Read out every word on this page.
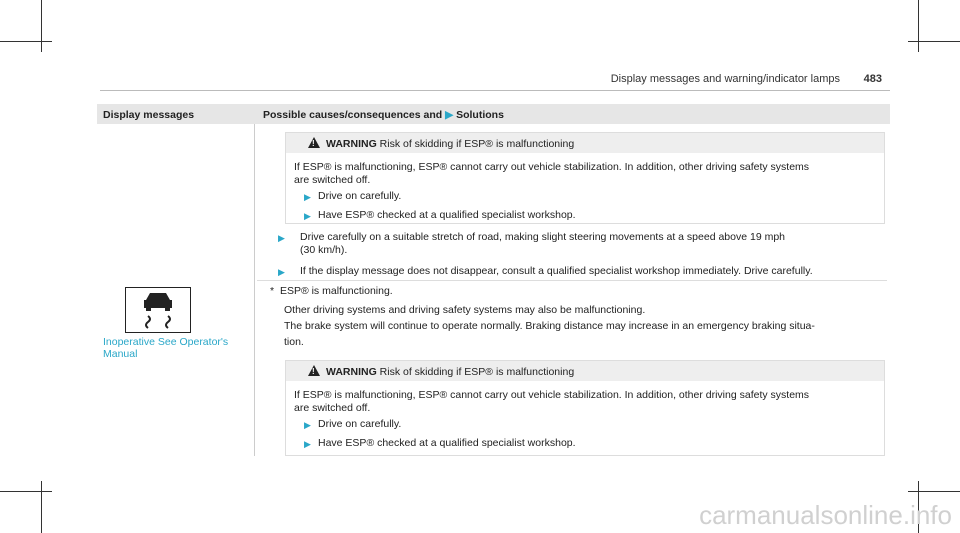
Display messages and warning/indicator lamps 483
Display messages	Possible causes/consequences and ▶ Solutions
!
WARNING Risk of skidding if ESP® is malfunctioning
If ESP® is malfunctioning, ESP® cannot carry out vehicle stabilization. In addition, other driving safety systems
are switched off.
▶ Drive on carefully.
▶ Have ESP® checked at a qualified specialist workshop.
▶ Drive carefully on a suitable stretch of road, making slight steering movements at a speed above 19 mph
(30 km/h).
▶ If the display message does not disappear, consult a qualified specialist workshop immediately. Drive carefully.
Inoperative See Operator's
Manual
* ESP® is malfunctioning.
Other driving systems and driving safety systems may also be malfunctioning.
The brake system will continue to operate normally. Braking distance may increase in an emergency braking situa-
tion.
!
WARNING Risk of skidding if ESP® is malfunctioning
If ESP® is malfunctioning, ESP® cannot carry out vehicle stabilization. In addition, other driving safety systems
are switched off.
▶ Drive on carefully.
▶ Have ESP® checked at a qualified specialist workshop.
carmanualsonline.info
